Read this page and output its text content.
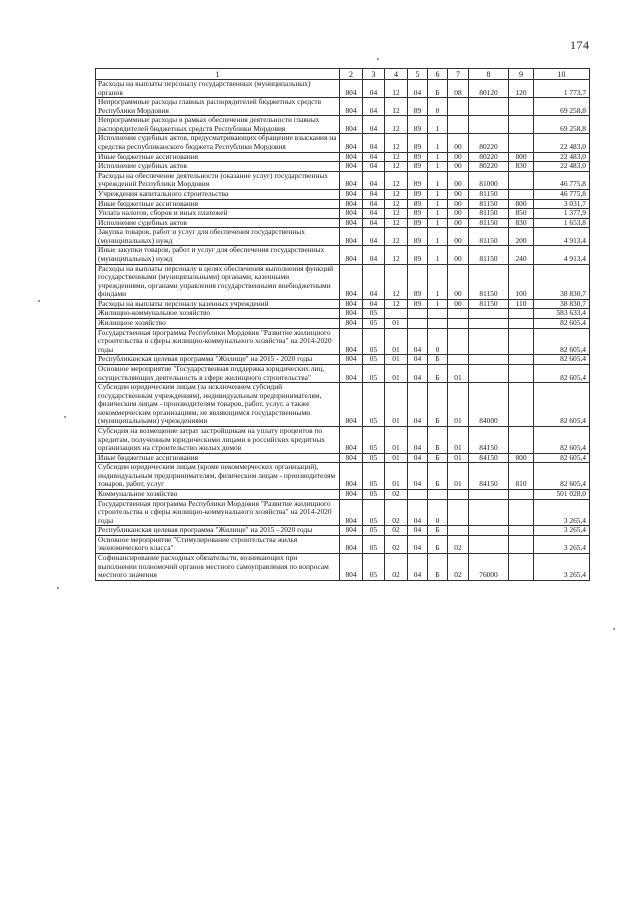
174
1	2	3	4	5	6	7	8	9	10
Расходы на выплаты персоналу государственных (муниципальных) органов	804	04	12	04	Б	08	80120	120	1 773,7
Непрограммные расходы главных распорядителей бюджетных средств Республики Мордовия	804	04	12	89	0				69 258,8
Непрограммные расходы в рамках обеспечения деятельности главных распорядителей бюджетных средств Республики Мордовия	804	04	12	89	1				69 258,8
Исполнение судебных актов, предусматривающих обращение взыскания на средства республиканского бюджета Республики Мордовия	804	04	12	89	1	00	80220		22 483,0
Иные бюджетные ассигнования	804	04	12	89	1	00	80220	800	22 483,0
Исполнение судебных актов	804	04	12	89	1	00	80220	830	22 483,0
Расходы на обеспечение деятельности (оказание услуг) государственных учреждений Республики Мордовия	804	04	12	89	1	00	81000		46 775,8
Учреждения капитального строительства	804	04	12	89	1	00	81150		46 775,8
Иные бюджетные ассигнования	804	04	12	89	1	00	81150	800	3 031,7
Уплата налогов, сборов и иных платежей	804	04	12	89	1	00	81150	850	1 377,9
Исполнение судебных актов	804	04	12	89	1	00	81150	830	1 653,8
Закупка товаров, работ и услуг для обеспечения государственных (муниципальных) нужд	804	04	12	89	1	00	81150	200	4 913,4
Иные закупки товаров, работ и услуг для обеспечения государственных (муниципальных) нужд	804	04	12	89	1	00	81150	240	4 913,4
Расходы на выплаты персоналу в целях обеспечения выполнения функций государственными (муниципальными) органами, казенными учреждениями, органами управления государственными внебюджетными фондами	804	04	12	89	1	00	81150	100	38 830,7
Расходы на выплаты персоналу казенных учреждений	804	04	12	89	1	00	81150	110	38 830,7
Жилищно-коммунальное хозяйство	804	05							583 633,4
Жилищное хозяйство	804	05	01						82 605,4
Государственная программа Республики Мордовия "Развитие жилищного строительства и сферы жилищно-коммунального хозяйства" на 2014-2020 годы	804	05	01	04	0				82 605,4
Республиканская целевая программа "Жилище" на 2015 - 2020 годы	804	05	01	04	Б				82 605,4
Основное мероприятие "Государственная поддержка юридических лиц, осуществляющих деятельность в сфере жилищного строительства"	804	05	01	04	Б	01			82 605,4
Субсидии юридическим лицам (за исключением субсидий государственным учреждениям), индивидуальным предпринимателям, физическим лицам - производителям товаров, работ, услуг, а также некоммерческим организациям, не являющимся государственными (муниципальными) учреждениями	804	05	01	04	Б	01	84000		82 605,4
Субсидия на возмещение затрат застройщикам на уплату процентов по кредитам, полученным юридическими лицами в российских кредитных организациях на строительство жилых домов	804	05	01	04	Б	01	84150		82 605,4
Иные бюджетные ассигнования	804	05	01	04	Б	01	84150	800	82 605,4
Субсидии юридическим лицам (кроме некоммерческих организаций), индивидуальным предпринимателям, физическим лицам - производителям товаров, работ, услуг	804	05	01	04	Б	01	84150	810	82 605,4
Коммунальное хозяйство	804	05	02						501 028,0
Государственная программа Республики Мордовия "Развитие жилищного строительства и сферы жилищно-коммунального хозяйства" на 2014-2020 годы	804	05	02	04	0				3 265,4
Республиканская целевая программа "Жилище" на 2015 - 2020 годы	804	05	02	04	Б				3 265,4
Основное мероприятие "Стимулирование строительства жилья экономического класса"	804	05	02	04	Б	02			3 265,4
Софинансирование расходных обязательств, возникающих при выполнении полномочий органов местного самоуправления по вопросам местного значения	804	05	02	04	Б	02	76000		3 265,4
